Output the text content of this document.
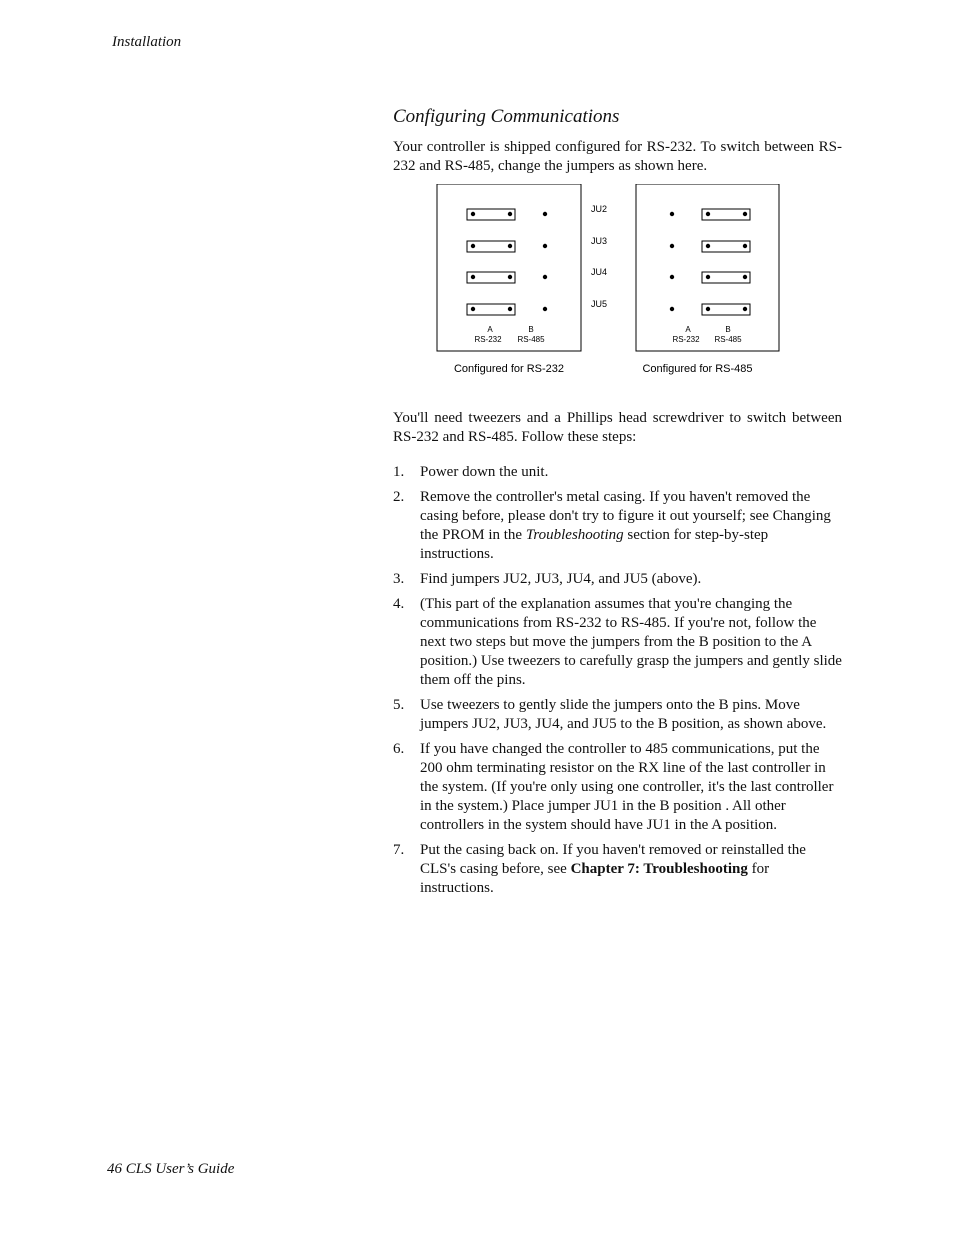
Installation
Configuring Communications

Your controller is shipped configured for RS-232. To switch between RS-232 and RS-485, change the jumpers as shown here.

A	B
RS-232 RS-485
Configured for RS-232
A	B
RS-232 RS-485
Configured for RS-485
JU2
JU3
JU4
JU5

You'll need tweezers and a Phillips head screwdriver to switch between RS-232 and RS-485. Follow these steps:

1. Power down the unit.
2. Remove the controller's metal casing. If you haven't removed the casing before, please don't try to figure it out yourself; see Changing the PROM in the Troubleshooting section for step-by-step instructions.
3. Find jumpers JU2, JU3, JU4, and JU5 (above).
4. (This part of the explanation assumes that you're changing the communications from RS-232 to RS-485. If you're not, follow the next two steps but move the jumpers from the B position to the A position.) Use tweezers to carefully grasp the jumpers and gently slide them off the pins.
5. Use tweezers to gently slide the jumpers onto the B pins. Move jumpers JU2, JU3, JU4, and JU5 to the B position, as shown above.
6. If you have changed the controller to 485 communications, put the 200 ohm terminating resistor on the RX line of the last controller in the system. (If you're only using one controller, it's the last controller in the system.) Place jumper JU1 in the B position . All other controllers in the system should have JU1 in the A position.
7. Put the casing back on. If you haven't removed or reinstalled the CLS's casing before, see Chapter 7: Troubleshooting for instructions.
46 CLS User’s Guide
